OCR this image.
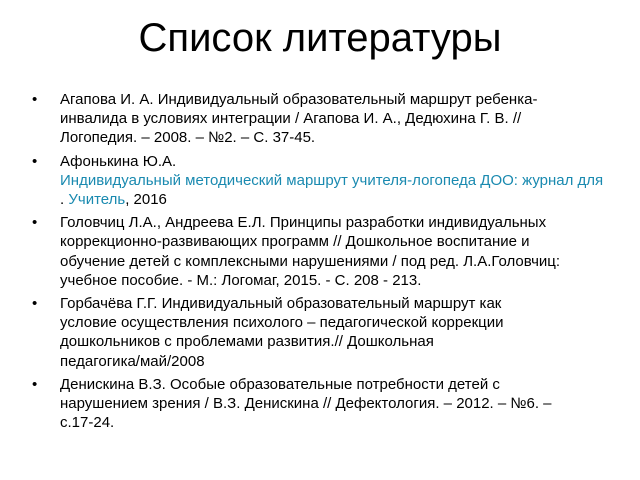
Список литературы
•	Агапова И. А. Индивидуальный образовательный маршрут ребенка-
инвалида в условиях интеграции / Агапова И. А., Дедюхина Г. В. //
Логопедия. – 2008. – №2. – С. 37-45.
•	Афонькина Ю.А.
Индивидуальный методический маршрут учителя-логопеда ДОО: журнал для
. Учитель, 2016
•	Головчиц Л.А., Андреева Е.Л. Принципы разработки индивидуальных
коррекционно-развивающих программ // Дошкольное воспитание и
обучение детей с комплексными нарушениями / под ред. Л.А.Головчиц:
учебное пособие. - М.: Логомаг, 2015. - С. 208 - 213.
•	Горбачёва Г.Г. Индивидуальный образовательный маршрут как
условие осуществления психолого – педагогической коррекции
дошкольников с проблемами развития.// Дошкольная
педагогика/май/2008
•	Денискина В.З. Особые образовательные потребности детей с
нарушением зрения / В.З. Денискина // Дефектология. – 2012. – №6. –
с.17-24.
